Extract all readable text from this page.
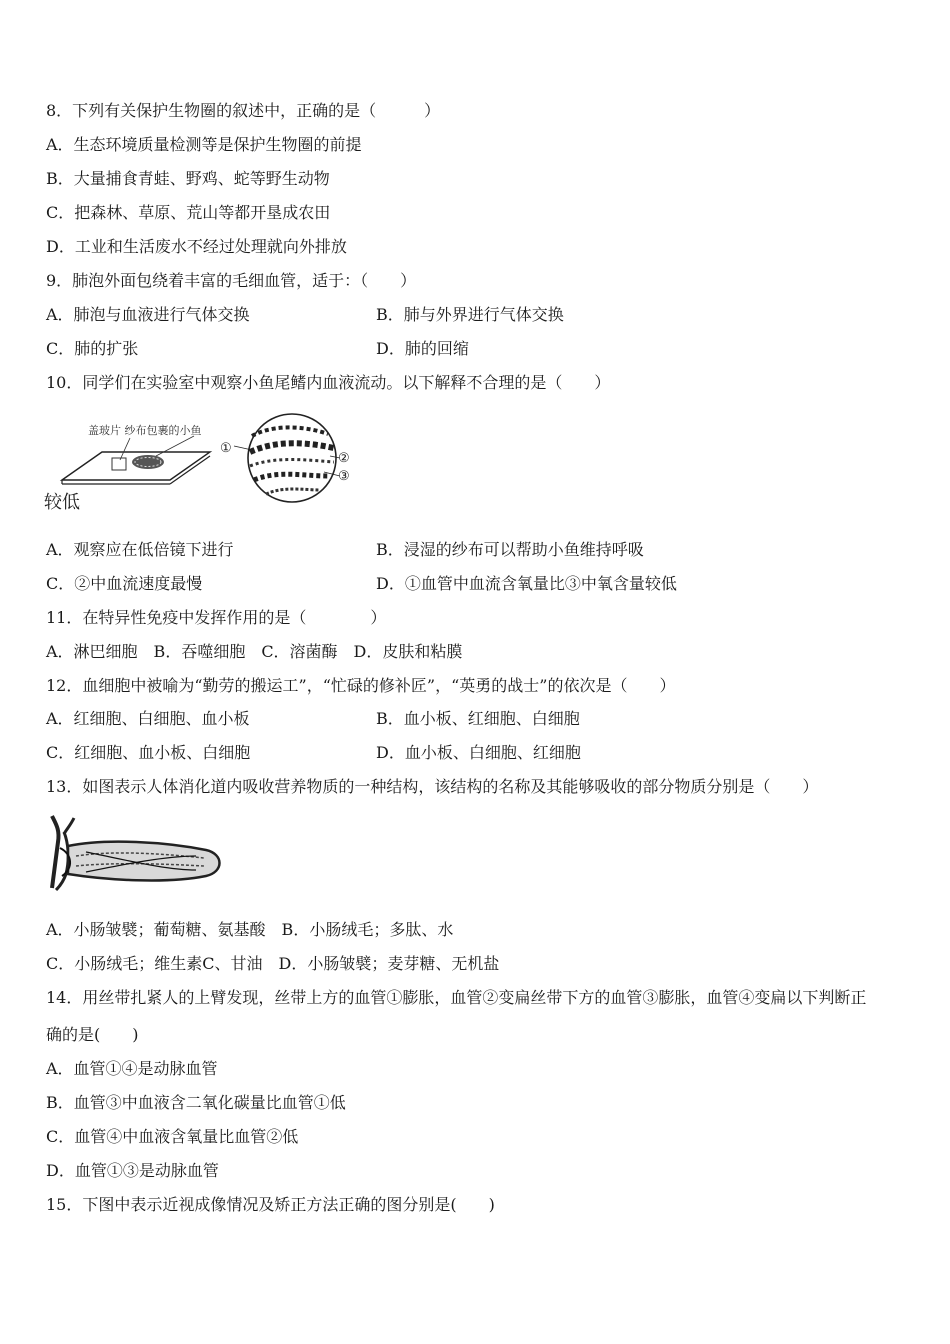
8．下列有关保护生物圈的叙述中，正确的是（　　　）
A．生态环境质量检测等是保护生物圈的前提
B．大量捕食青蛙、野鸡、蛇等野生动物
C．把森林、草原、荒山等都开垦成农田
D．工业和生活废水不经过处理就向外排放
9．肺泡外面包绕着丰富的毛细血管，适于：（　　）
A．肺泡与血液进行气体交换	B．肺与外界进行气体交换
C．肺的扩张	D．肺的回缩
10．同学们在实验室中观察小鱼尾鳍内血液流动。以下解释不合理的是（　　）
盖玻片 纱布包裹的小鱼
较低
①
②
③
A．观察应在低倍镜下进行	B．浸湿的纱布可以帮助小鱼维持呼吸
C．②中血流速度最慢	D．①血管中血流含氧量比③中氧含量较低
11．在特异性免疫中发挥作用的是（　　　　）
A．淋巴细胞　B．吞噬细胞　C．溶菌酶　D．皮肤和粘膜
12．血细胞中被喻为“勤劳的搬运工”，“忙碌的修补匠”，“英勇的战士”的依次是（　　）
A．红细胞、白细胞、血小板	B．血小板、红细胞、白细胞
C．红细胞、血小板、白细胞	D．血小板、白细胞、红细胞
13．如图表示人体消化道内吸收营养物质的一种结构，该结构的名称及其能够吸收的部分物质分别是（　　）
A．小肠皱襞；葡萄糖、氨基酸　B．小肠绒毛；多肽、水
C．小肠绒毛；维生素C、甘油　D．小肠皱襞；麦芽糖、无机盐
14．用丝带扎紧人的上臂发现，丝带上方的血管①膨胀，血管②变扁丝带下方的血管③膨胀，血管④变扁以下判断正
确的是(　　)
A．血管①④是动脉血管
B．血管③中血液含二氧化碳量比血管①低
C．血管④中血液含氧量比血管②低
D．血管①③是动脉血管
15．下图中表示近视成像情况及矫正方法正确的图分别是(　　)
